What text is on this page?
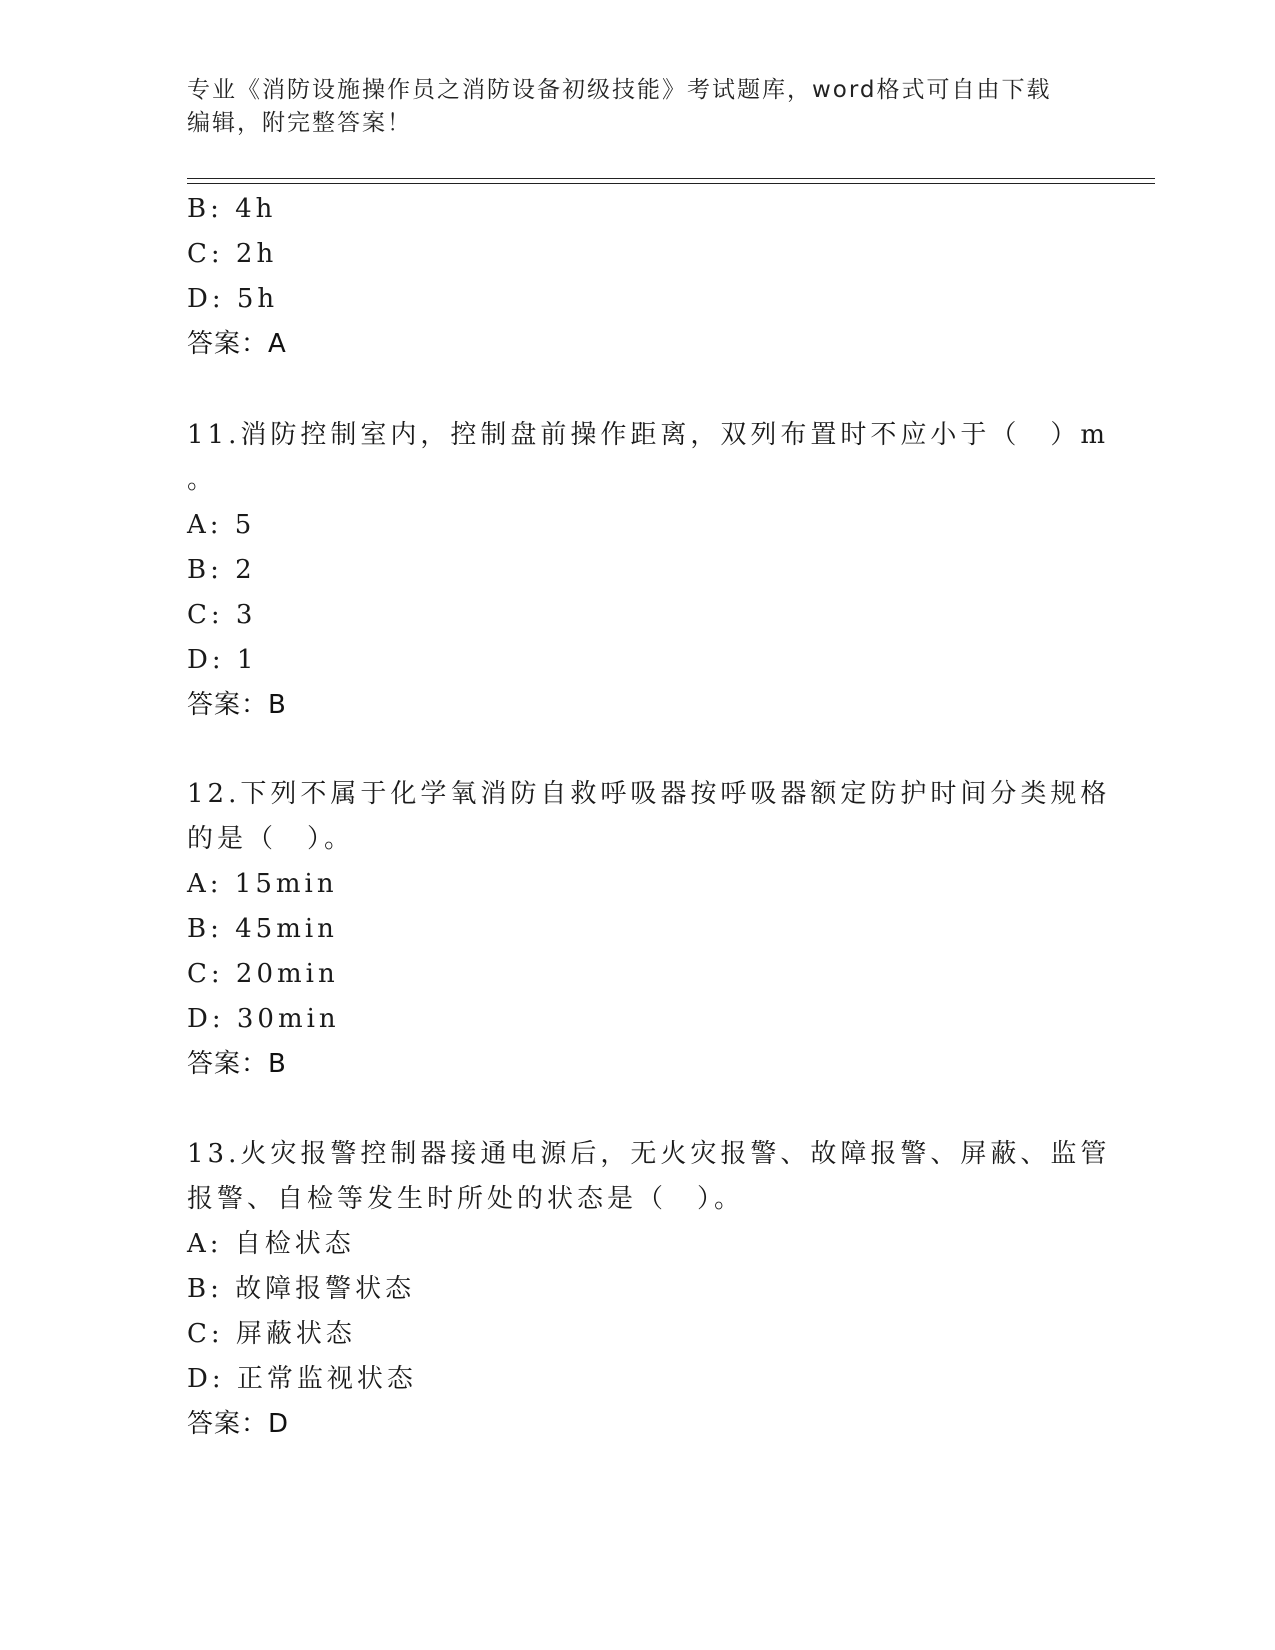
专业《消防设施操作员之消防设备初级技能》考试题库，word格式可自由下载编辑，附完整答案！
B: 4h
C: 2h
D: 5h
答案：A
11.消防控制室内，控制盘前操作距离，双列布置时不应小于（　）m
。
A: 5
B: 2
C: 3
D: 1
答案：B
12.下列不属于化学氧消防自救呼吸器按呼吸器额定防护时间分类规格
的是（　）。
A: 15min
B: 45min
C: 20min
D: 30min
答案：B
13.火灾报警控制器接通电源后，无火灾报警、故障报警、屏蔽、监管
报警、自检等发生时所处的状态是（　）。
A: 自检状态
B: 故障报警状态
C: 屏蔽状态
D: 正常监视状态
答案：D
